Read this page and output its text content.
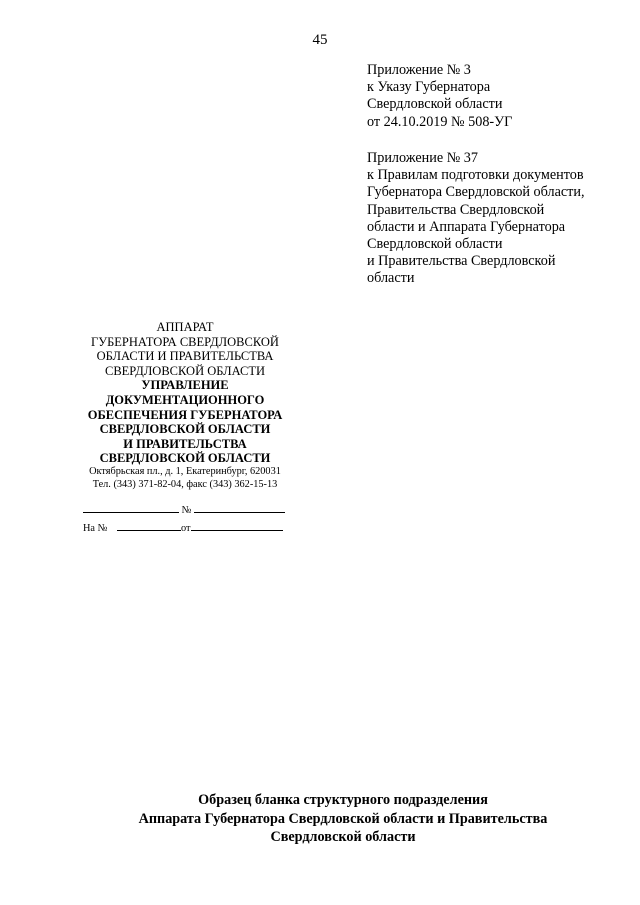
45
Приложение № 3
к Указу Губернатора
Свердловской области
от 24.10.2019 № 508-УГ
Приложение № 37
к Правилам подготовки документов
Губернатора Свердловской области,
Правительства Свердловской
области и Аппарата Губернатора
Свердловской области
и Правительства Свердловской
области
АППАРАТ
ГУБЕРНАТОРА СВЕРДЛОВСКОЙ
ОБЛАСТИ И ПРАВИТЕЛЬСТВА
СВЕРДЛОВСКОЙ ОБЛАСТИ
УПРАВЛЕНИЕ
ДОКУМЕНТАЦИОННОГО
ОБЕСПЕЧЕНИЯ ГУБЕРНАТОРА
СВЕРДЛОВСКОЙ ОБЛАСТИ
И ПРАВИТЕЛЬСТВА
СВЕРДЛОВСКОЙ ОБЛАСТИ
Октябрьская пл., д. 1, Екатеринбург, 620031
Тел. (343) 371-82-04, факс (343) 362-15-13
№
На №	от
Образец бланка структурного подразделения
Аппарата Губернатора Свердловской области и Правительства
Свердловской области
